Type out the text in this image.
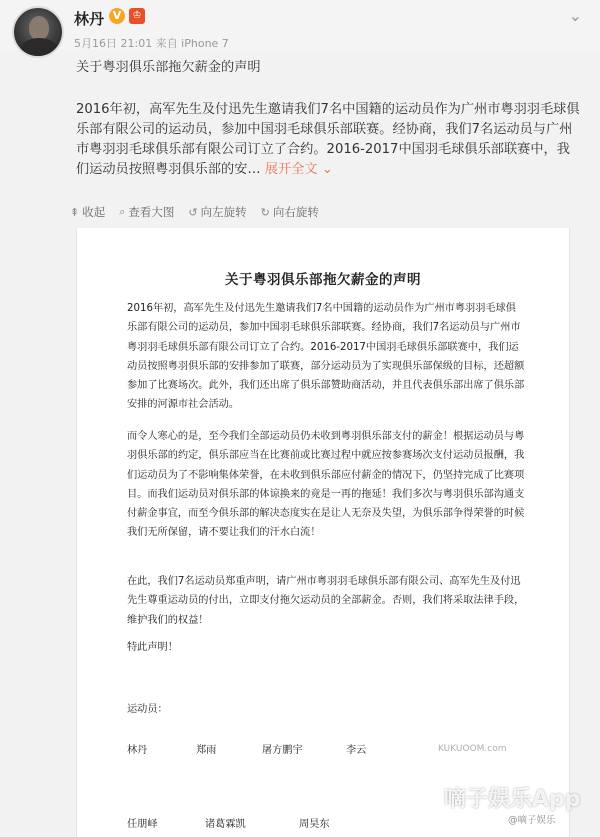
林丹 V	♔
5月16日 21:01 来自 iPhone 7
⌄
关于粤羽俱乐部拖欠薪金的声明
2016年初，高军先生及付迅先生邀请我们7名中国籍的运动员作为广州市粤羽羽毛球俱乐部有限公司的运动员，参加中国羽毛球俱乐部联赛。经协商，我们7名运动员与广州市粤羽羽毛球俱乐部有限公司订立了合约。2016-2017中国羽毛球俱乐部联赛中，我们运动员按照粤羽俱乐部的安… 展开全文 ⌄
⇞ 收起 ⌕ 查看大图 ↺ 向左旋转 ↻ 向右旋转
关于粤羽俱乐部拖欠薪金的声明
2016年初，高军先生及付迅先生邀请我们7名中国籍的运动员作为广州市粤羽羽毛球俱乐部有限公司的运动员，参加中国羽毛球俱乐部联赛。经协商，我们7名运动员与广州市粤羽羽毛球俱乐部有限公司订立了合约。2016-2017中国羽毛球俱乐部联赛中，我们运动员按照粤羽俱乐部的安排参加了联赛，部分运动员为了实现俱乐部保级的目标，还超额参加了比赛场次。此外，我们还出席了俱乐部赞助商活动，并且代表俱乐部出席了俱乐部安排的河源市社会活动。
而令人寒心的是，至今我们全部运动员仍未收到粤羽俱乐部支付的薪金！根据运动员与粤羽俱乐部的约定，俱乐部应当在比赛前或比赛过程中就应按参赛场次支付运动员报酬，我们运动员为了不影响集体荣誉，在未收到俱乐部应付薪金的情况下，仍坚持完成了比赛项目。而我们运动员对俱乐部的体谅换来的竟是一再的拖延！我们多次与粤羽俱乐部沟通支付薪金事宜，而至今俱乐部的解决态度实在是让人无奈及失望，为俱乐部争得荣誉的时候我们无所保留，请不要让我们的汗水白流！
在此，我们7名运动员郑重声明，请广州市粤羽羽毛球俱乐部有限公司、高军先生及付迅先生尊重运动员的付出，立即支付拖欠运动员的全部薪金。否则，我们将采取法律手段，维护我们的权益！
特此声明！
运动员：
林丹	郑雨	屠方鹏宇	李云
任朋峄	诸葛霖凯	周昊东
KUKUOOM.com
嘀子娱乐App
@嘀子娱乐
